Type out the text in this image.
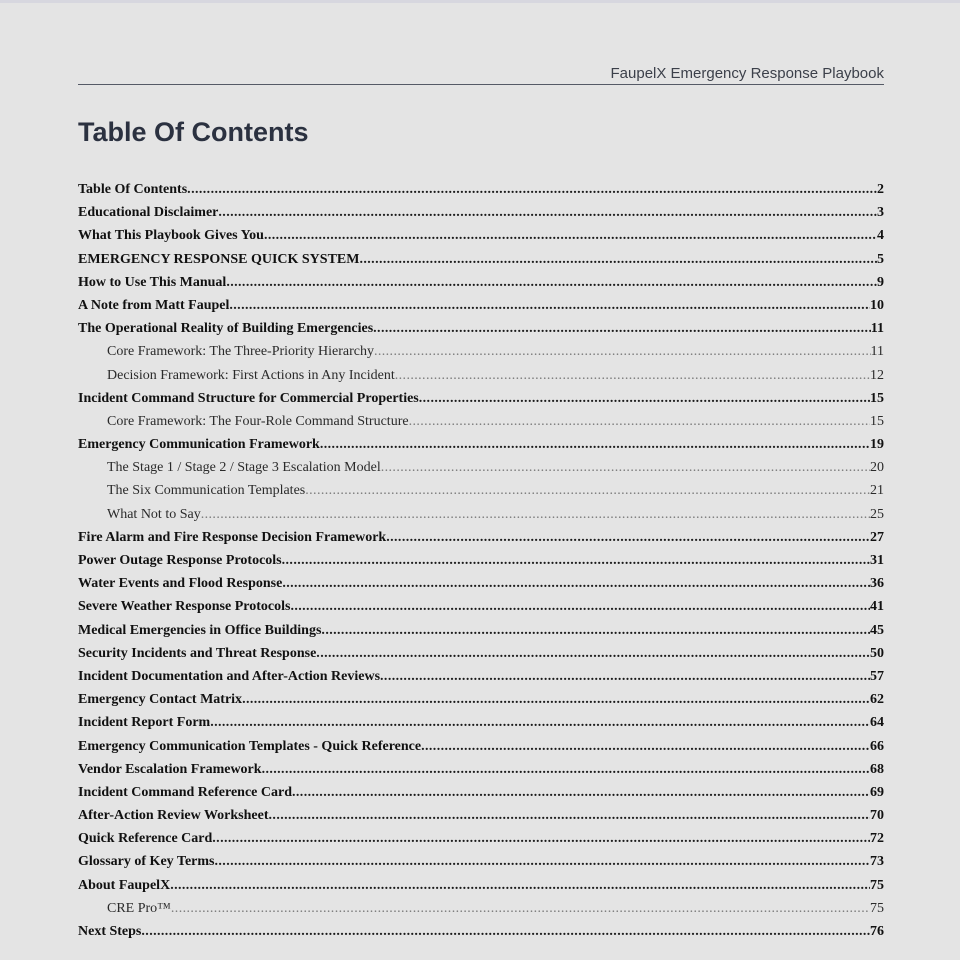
FaupelX Emergency Response Playbook
Table Of Contents
Table Of Contents .....	2
Educational Disclaimer .....	3
What This Playbook Gives You .....	4
EMERGENCY RESPONSE QUICK SYSTEM .....	5
How to Use This Manual .....	9
A Note from Matt Faupel .....	10
The Operational Reality of Building Emergencies .....	11
Core Framework: The Three-Priority Hierarchy .....	11
Decision Framework: First Actions in Any Incident .....	12
Incident Command Structure for Commercial Properties .....	15
Core Framework: The Four-Role Command Structure .....	15
Emergency Communication Framework .....	19
The Stage 1 / Stage 2 / Stage 3 Escalation Model .....	20
The Six Communication Templates .....	21
What Not to Say .....	25
Fire Alarm and Fire Response Decision Framework .....	27
Power Outage Response Protocols .....	31
Water Events and Flood Response .....	36
Severe Weather Response Protocols .....	41
Medical Emergencies in Office Buildings .....	45
Security Incidents and Threat Response .....	50
Incident Documentation and After-Action Reviews .....	57
Emergency Contact Matrix .....	62
Incident Report Form .....	64
Emergency Communication Templates - Quick Reference .....	66
Vendor Escalation Framework .....	68
Incident Command Reference Card .....	69
After-Action Review Worksheet .....	70
Quick Reference Card .....	72
Glossary of Key Terms .....	73
About FaupelX .....	75
CRE Pro™ .....	75
Next Steps .....	76
